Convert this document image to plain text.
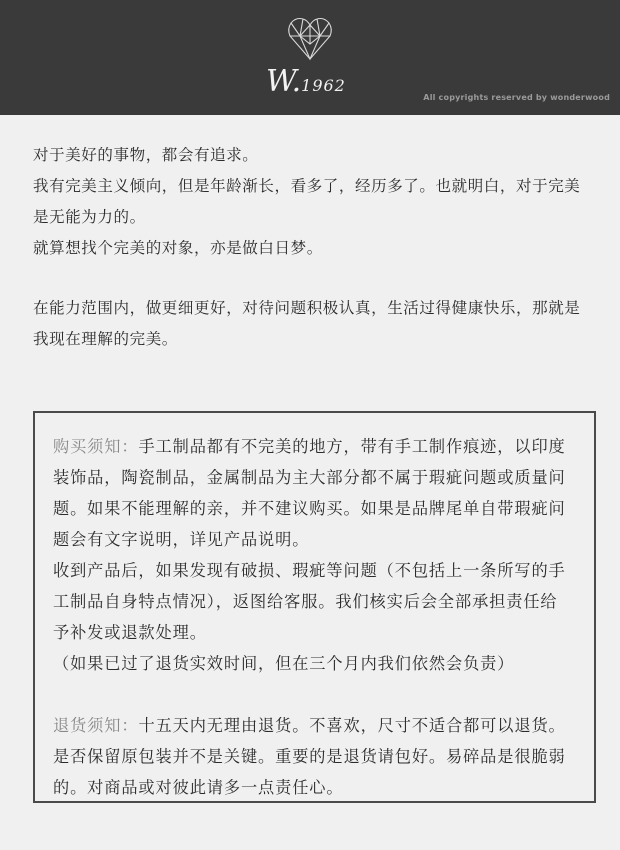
W.1962
All copyrights reserved by wonderwood

对于美好的事物，都会有追求。

我有完美主义倾向，但是年龄渐长，看多了，经历多了。也就明白，对于完美

是无能为力的。

就算想找个完美的对象，亦是做白日梦。

在能力范围内，做更细更好，对待问题积极认真，生活过得健康快乐，那就是

我现在理解的完美。

购买须知：手工制品都有不完美的地方，带有手工制作痕迹，以印度

装饰品，陶瓷制品，金属制品为主大部分都不属于瑕疵问题或质量问

题。如果不能理解的亲，并不建议购买。如果是品牌尾单自带瑕疵问

题会有文字说明，详见产品说明。

收到产品后，如果发现有破损、瑕疵等问题（不包括上一条所写的手

工制品自身特点情况），返图给客服。我们核实后会全部承担责任给

予补发或退款处理。

（如果已过了退货实效时间，但在三个月内我们依然会负责）

退货须知：十五天内无理由退货。不喜欢，尺寸不适合都可以退货。

是否保留原包装并不是关键。重要的是退货请包好。易碎品是很脆弱

的。对商品或对彼此请多一点责任心。
